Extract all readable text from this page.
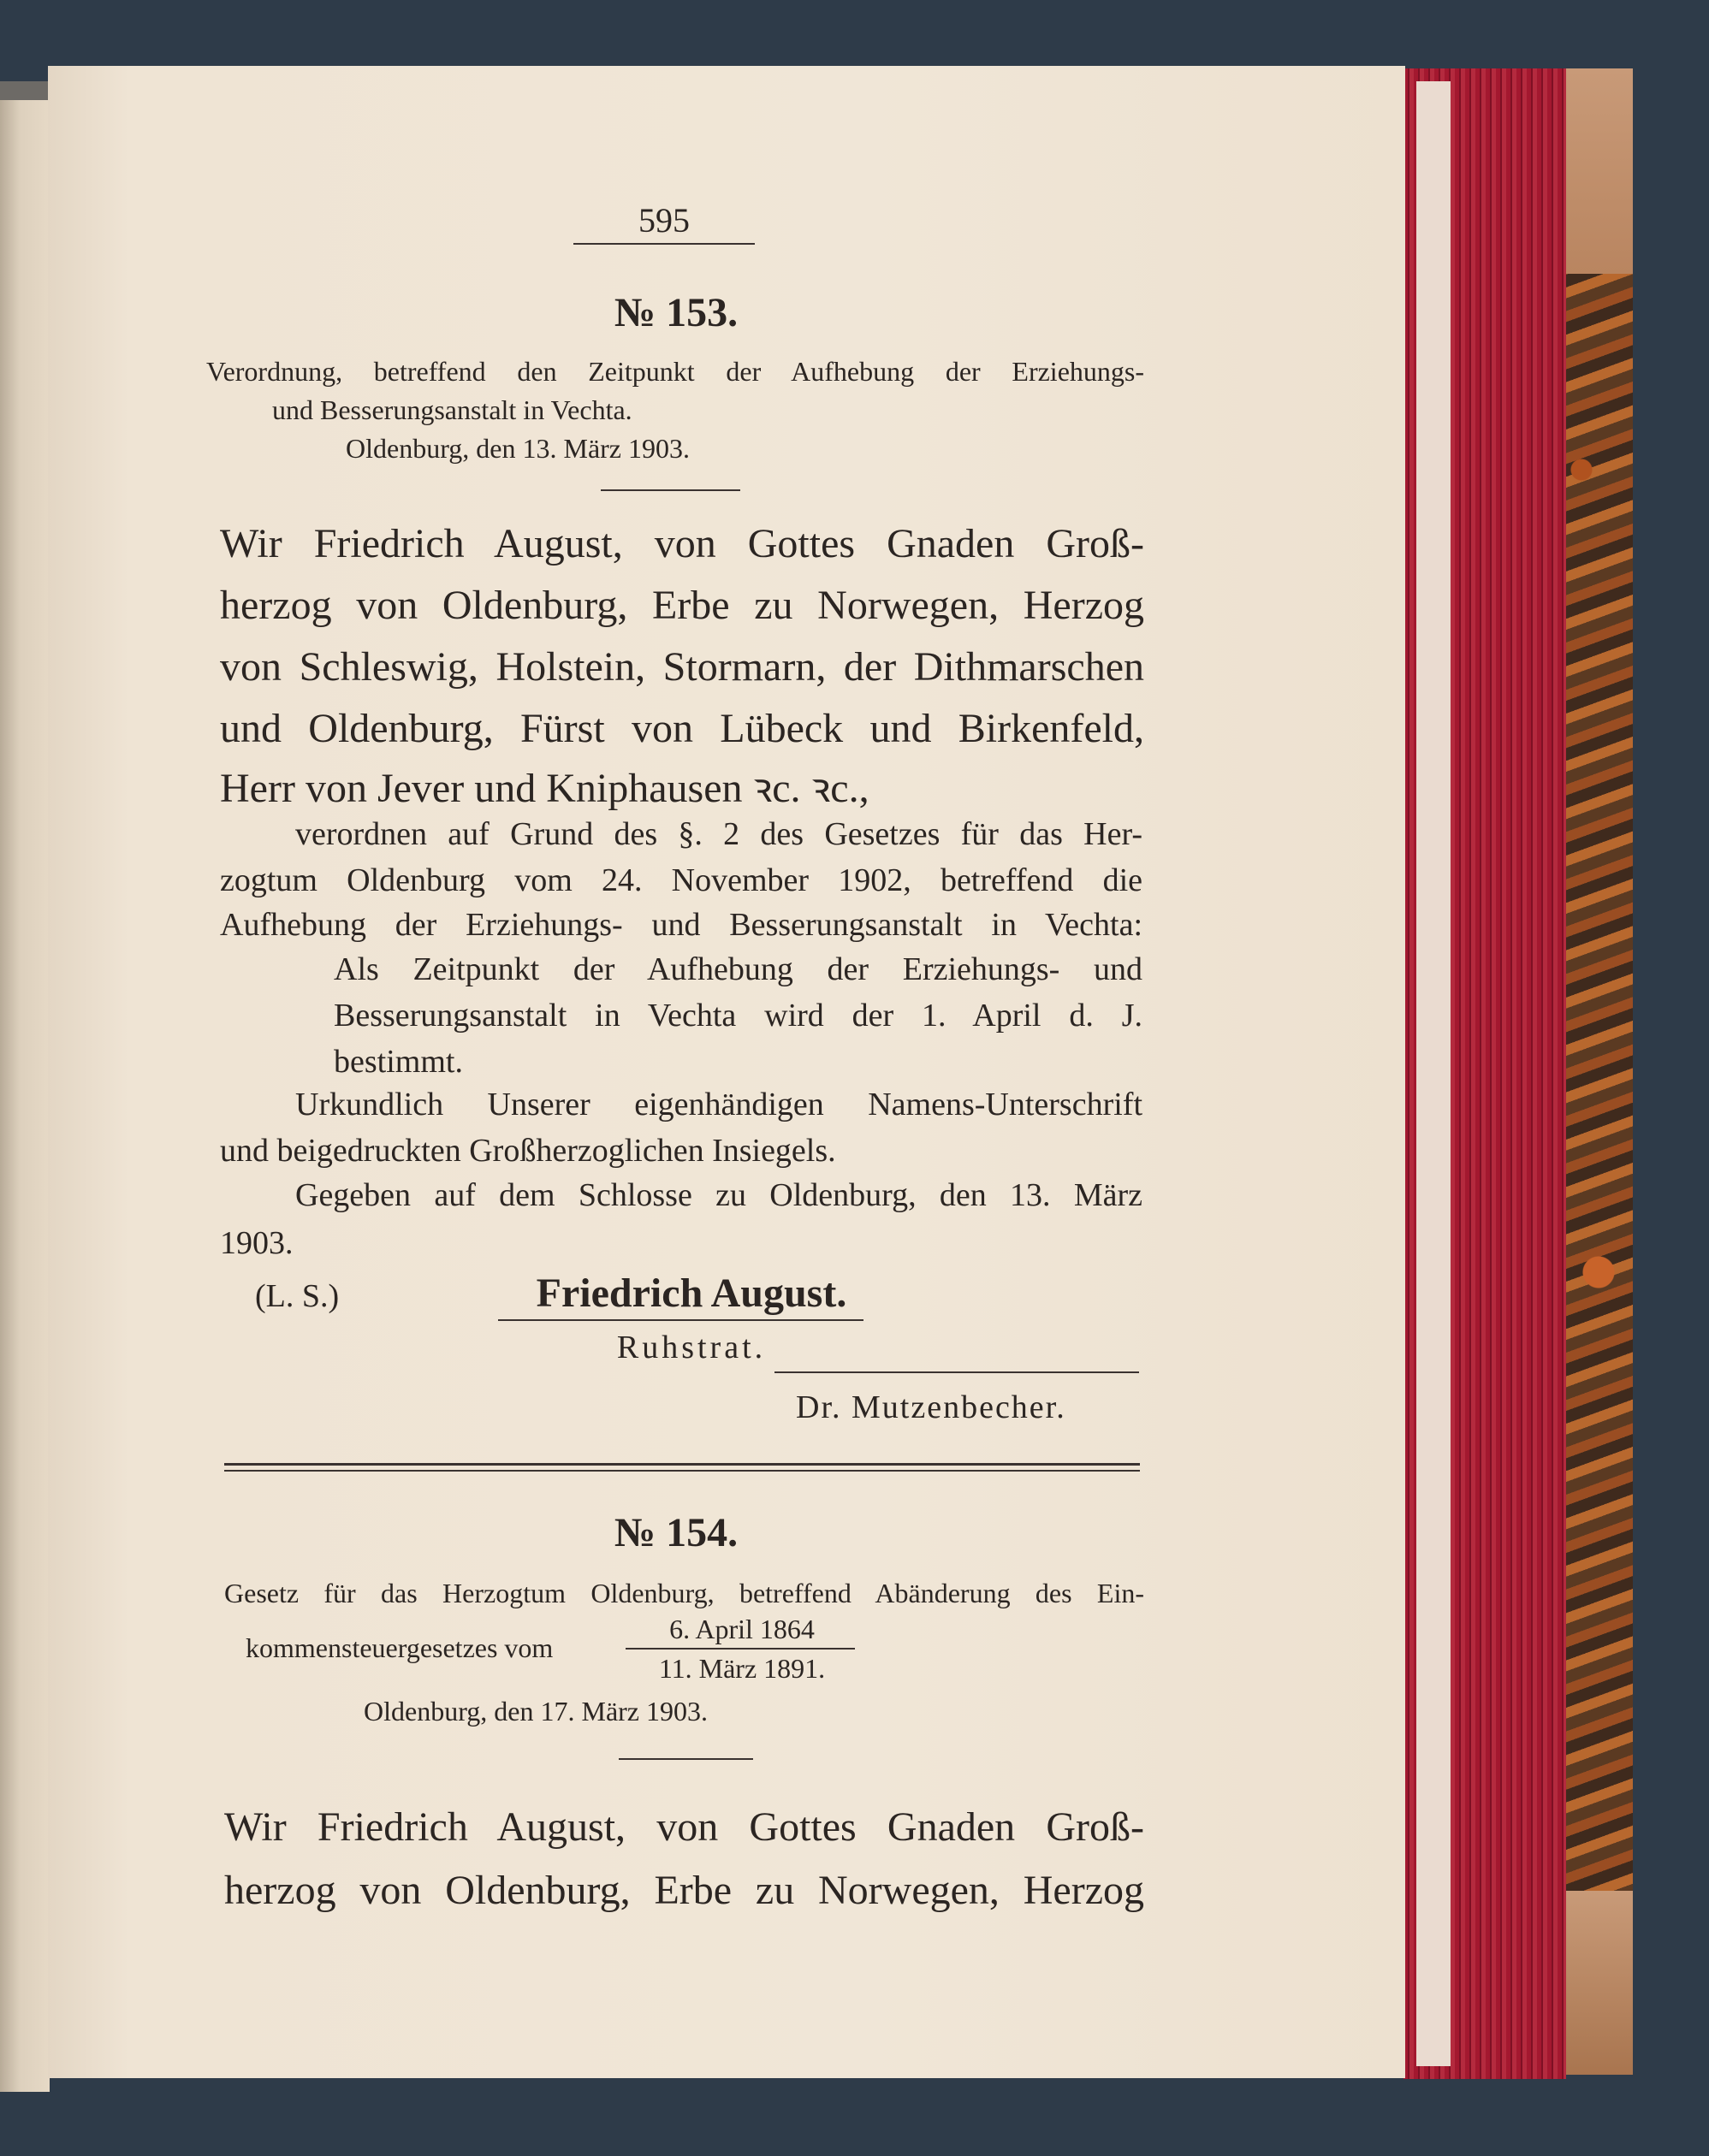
595
№ 153.
Verordnung, betreffend den Zeitpunkt der Aufhebung der Erziehungs-
und Besserungsanstalt in Vechta.
Oldenburg, den 13. März 1903.
Wir Friedrich August, von Gottes Gnaden Groß-
herzog von Oldenburg, Erbe zu Norwegen, Herzog
von Schleswig, Holstein, Stormarn, der Dithmarschen
und Oldenburg, Fürst von Lübeck und Birkenfeld,
Herr von Jever und Kniphausen ꝛc. ꝛc.,
verordnen auf Grund des §. 2 des Gesetzes für das Her-
zogtum Oldenburg vom 24. November 1902, betreffend die
Aufhebung der Erziehungs- und Besserungsanstalt in Vechta:
Als Zeitpunkt der Aufhebung der Erziehungs- und
Besserungsanstalt in Vechta wird der 1. April d. J.
bestimmt.
Urkundlich Unserer eigenhändigen Namens-Unterschrift
und beigedruckten Großherzoglichen Insiegels.
Gegeben auf dem Schlosse zu Oldenburg, den 13. März
1903.
(L. S.)	Friedrich August.
Ruhstrat.
Dr. Mutzenbecher.
№ 154.
Gesetz für das Herzogtum Oldenburg, betreffend Abänderung des Ein-
kommensteuergesetzes vom
6. April 1864
11. März 1891.
Oldenburg, den 17. März 1903.
Wir Friedrich August, von Gottes Gnaden Groß-
herzog von Oldenburg, Erbe zu Norwegen, Herzog
